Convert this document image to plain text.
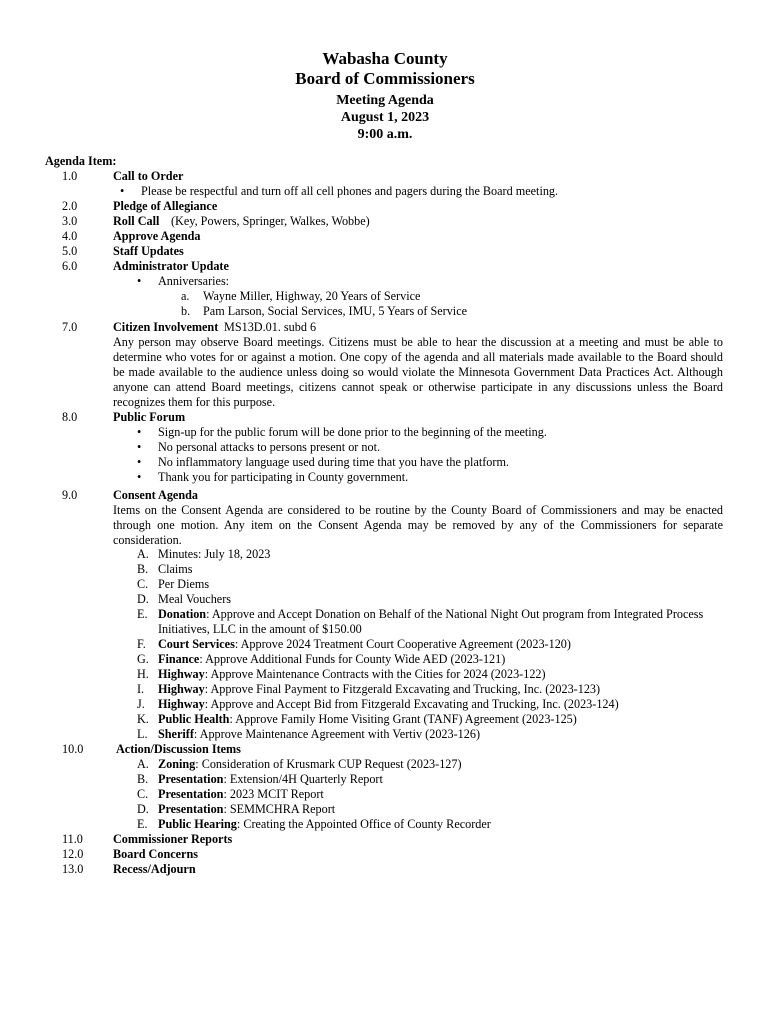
Wabasha County
Board of Commissioners
Meeting Agenda
August 1, 2023
9:00 a.m.
Agenda Item:
1.0	Call to Order
• Please be respectful and turn off all cell phones and pagers during the Board meeting.
2.0	Pledge of Allegiance
3.0	Roll Call (Key, Powers, Springer, Walkes, Wobbe)
4.0	Approve Agenda
5.0	Staff Updates
6.0	Administrator Update
• Anniversaries:
a. Wayne Miller, Highway, 20 Years of Service
b. Pam Larson, Social Services, IMU, 5 Years of Service
7.0	Citizen Involvement MS13D.01. subd 6
Any person may observe Board meetings. Citizens must be able to hear the discussion at a meeting and must be able to determine who votes for or against a motion. One copy of the agenda and all materials made available to the Board should be made available to the audience unless doing so would violate the Minnesota Government Data Practices Act. Although anyone can attend Board meetings, citizens cannot speak or otherwise participate in any discussions unless the Board recognizes them for this purpose.
8.0	Public Forum
• Sign-up for the public forum will be done prior to the beginning of the meeting.
• No personal attacks to persons present or not.
• No inflammatory language used during time that you have the platform.
• Thank you for participating in County government.
9.0	Consent Agenda
Items on the Consent Agenda are considered to be routine by the County Board of Commissioners and may be enacted through one motion. Any item on the Consent Agenda may be removed by any of the Commissioners for separate consideration.
A. Minutes: July 18, 2023
B. Claims
C. Per Diems
D. Meal Vouchers
E. Donation: Approve and Accept Donation on Behalf of the National Night Out program from Integrated Process
Initiatives, LLC in the amount of $150.00
F. Court Services: Approve 2024 Treatment Court Cooperative Agreement (2023-120)
G. Finance: Approve Additional Funds for County Wide AED (2023-121)
H. Highway: Approve Maintenance Contracts with the Cities for 2024 (2023-122)
I. Highway: Approve Final Payment to Fitzgerald Excavating and Trucking, Inc. (2023-123)
J. Highway: Approve and Accept Bid from Fitzgerald Excavating and Trucking, Inc. (2023-124)
K. Public Health: Approve Family Home Visiting Grant (TANF) Agreement (2023-125)
L. Sheriff: Approve Maintenance Agreement with Vertiv (2023-126)
10.0	Action/Discussion Items
A. Zoning: Consideration of Krusmark CUP Request (2023-127)
B. Presentation: Extension/4H Quarterly Report
C. Presentation: 2023 MCIT Report
D. Presentation: SEMMCHRA Report
E. Public Hearing: Creating the Appointed Office of County Recorder
11.0 Commissioner Reports
12.0 Board Concerns
13.0 Recess/Adjourn
